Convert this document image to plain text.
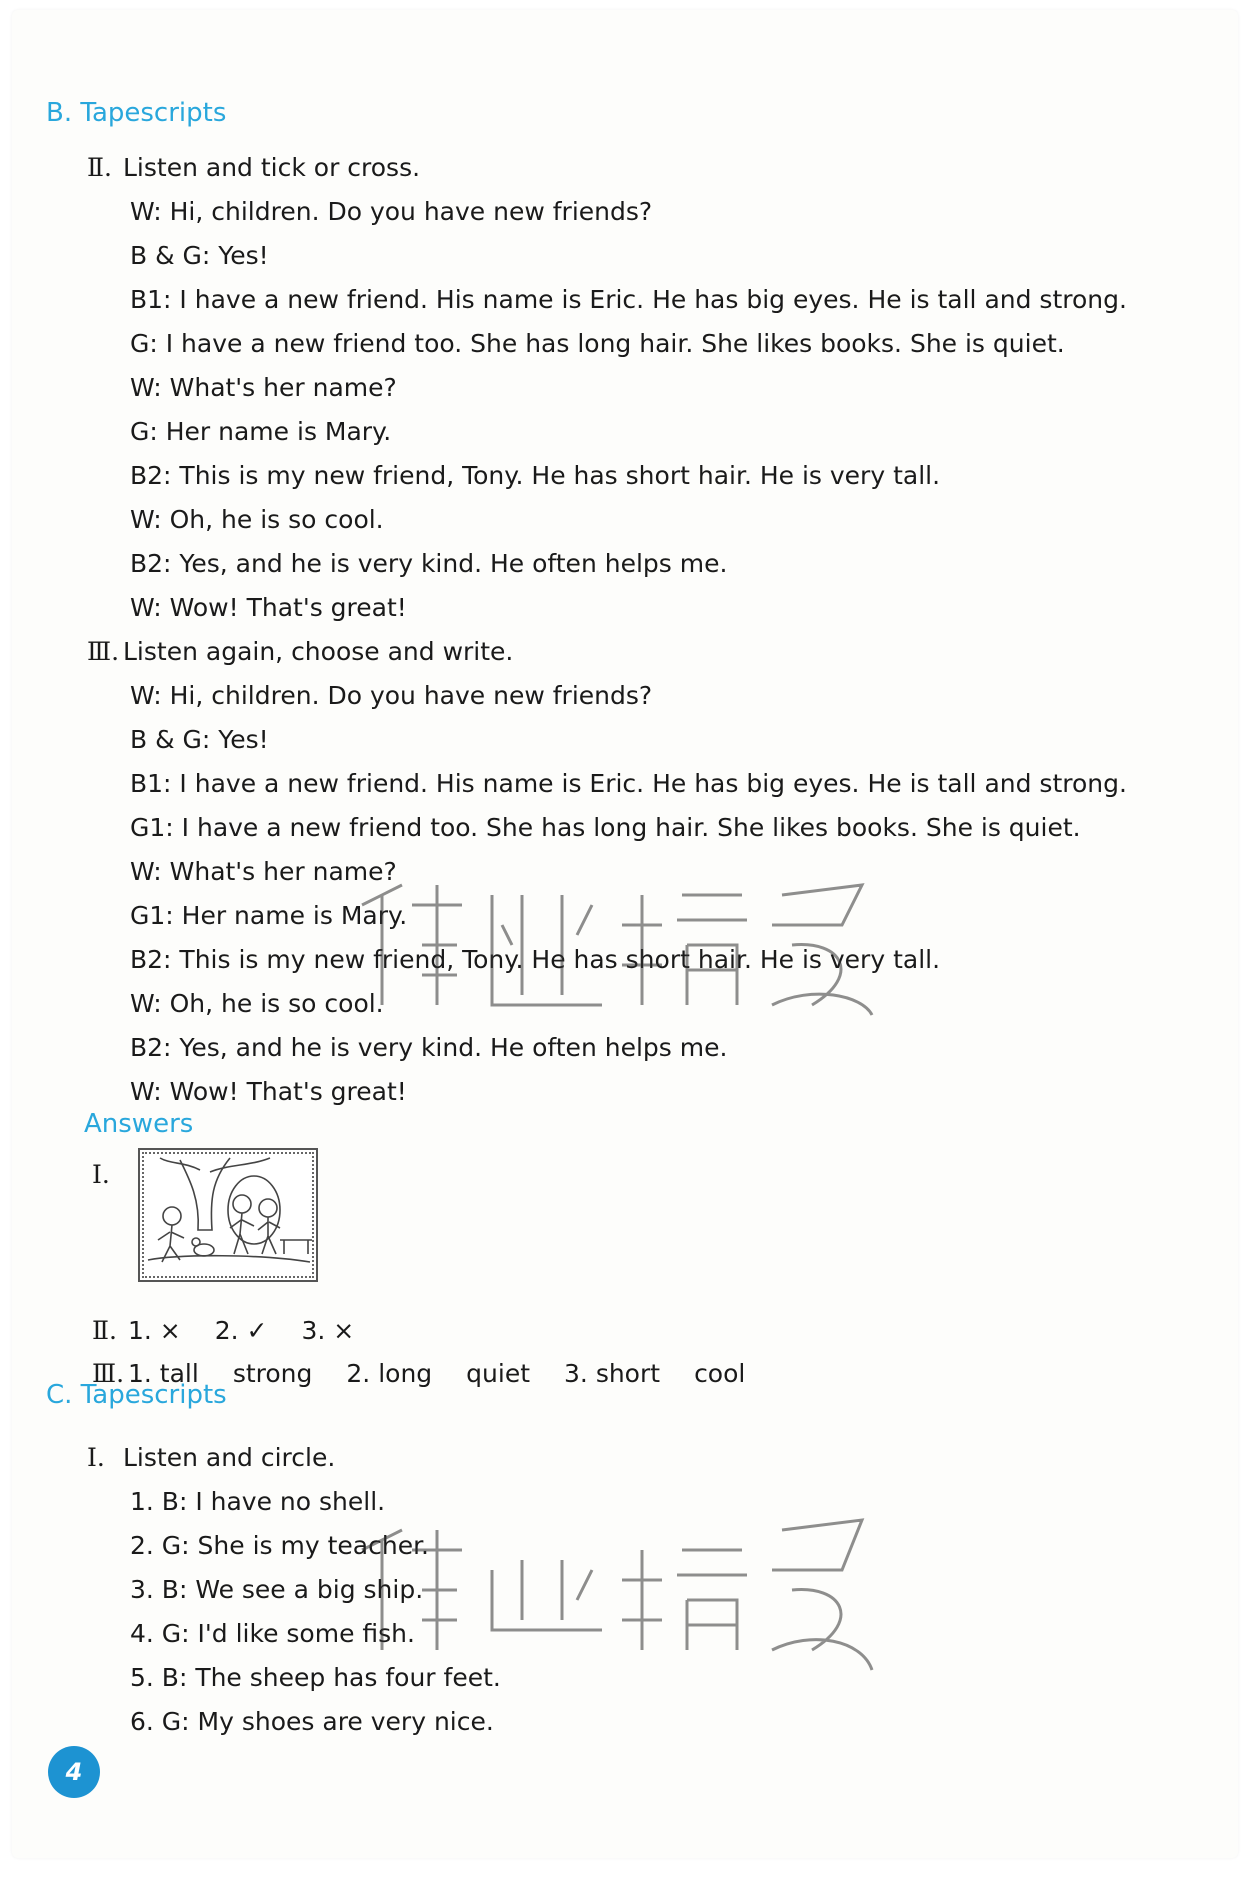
B. Tapescripts
Ⅱ. Listen and tick or cross.
W: Hi, children. Do you have new friends?
B & G: Yes!
B1: I have a new friend. His name is Eric. He has big eyes. He is tall and strong.
G: I have a new friend too. She has long hair. She likes books. She is quiet.
W: What's her name?
G: Her name is Mary.
B2: This is my new friend, Tony. He has short hair. He is very tall.
W: Oh, he is so cool.
B2: Yes, and he is very kind. He often helps me.
W: Wow! That's great!
Ⅲ. Listen again, choose and write.
W: Hi, children. Do you have new friends?
B & G: Yes!
B1: I have a new friend. His name is Eric. He has big eyes. He is tall and strong.
G1: I have a new friend too. She has long hair. She likes books. She is quiet.
W: What's her name?
G1: Her name is Mary.
B2: This is my new friend, Tony. He has short hair. He is very tall.
W: Oh, he is so cool.
B2: Yes, and he is very kind. He often helps me.
W: Wow! That's great!
Answers
Ⅰ.
Ⅱ. 1. × 2. ✓ 3. ×
Ⅲ. 1. tall strong 2. long quiet 3. short cool
C. Tapescripts
Ⅰ. Listen and circle.
1. B: I have no shell.
2. G: She is my teacher.
3. B: We see a big ship.
4. G: I'd like some fish.
5. B: The sheep has four feet.
6. G: My shoes are very nice.
4
